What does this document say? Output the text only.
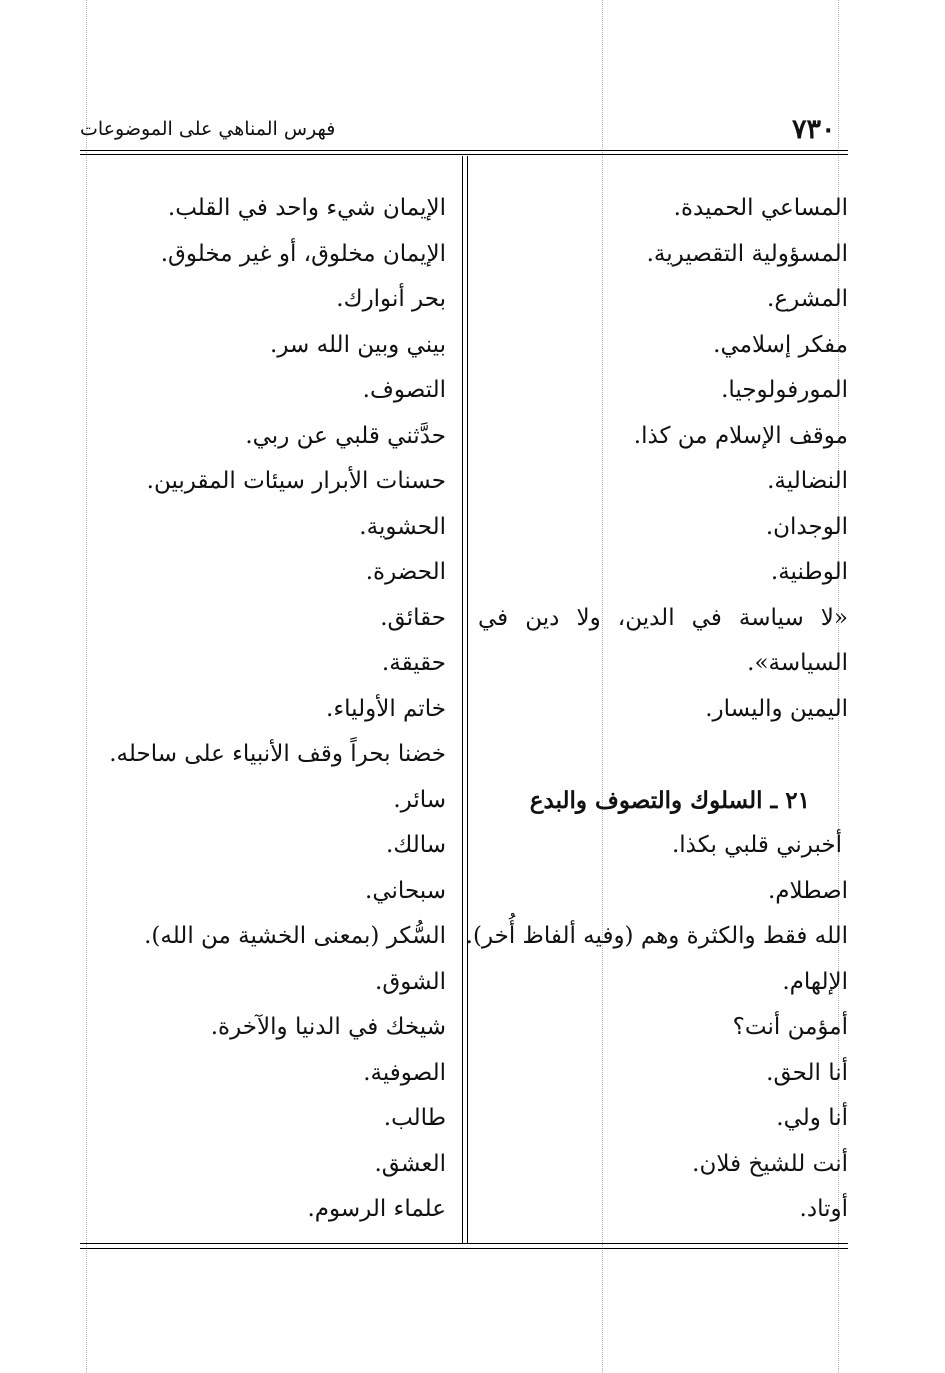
٧٣٠
فهرس المناهي على الموضوعات
المساعي الحميدة.
المسؤولية التقصيرية.
المشرع.
مفكر إسلامي.
المورفولوجيا.
موقف الإسلام من كذا.
النضالية.
الوجدان.
الوطنية.
«لا سياسة في الدين، ولا دين في
السياسة».
اليمين واليسار.
٢١ ـ السلوك والتصوف والبدع
أخبرني قلبي بكذا.
اصطلام.
الله فقط والكثرة وهم (وفيه ألفاظ أُخر).
الإلهام.
أمؤمن أنت؟
أنا الحق.
أنا ولي.
أنت للشيخ فلان.
أوتاد.
الإيمان شيء واحد في القلب.
الإيمان مخلوق، أو غير مخلوق.
بحر أنوارك.
بيني وبين الله سر.
التصوف.
حدَّثني قلبي عن ربي.
حسنات الأبرار سيئات المقربين.
الحشوية.
الحضرة.
حقائق.
حقيقة.
خاتم الأولياء.
خضنا بحراً وقف الأنبياء على ساحله.
سائر.
سالك.
سبحاني.
السُّكر (بمعنى الخشية من الله).
الشوق.
شيخك في الدنيا والآخرة.
الصوفية.
طالب.
العشق.
علماء الرسوم.
